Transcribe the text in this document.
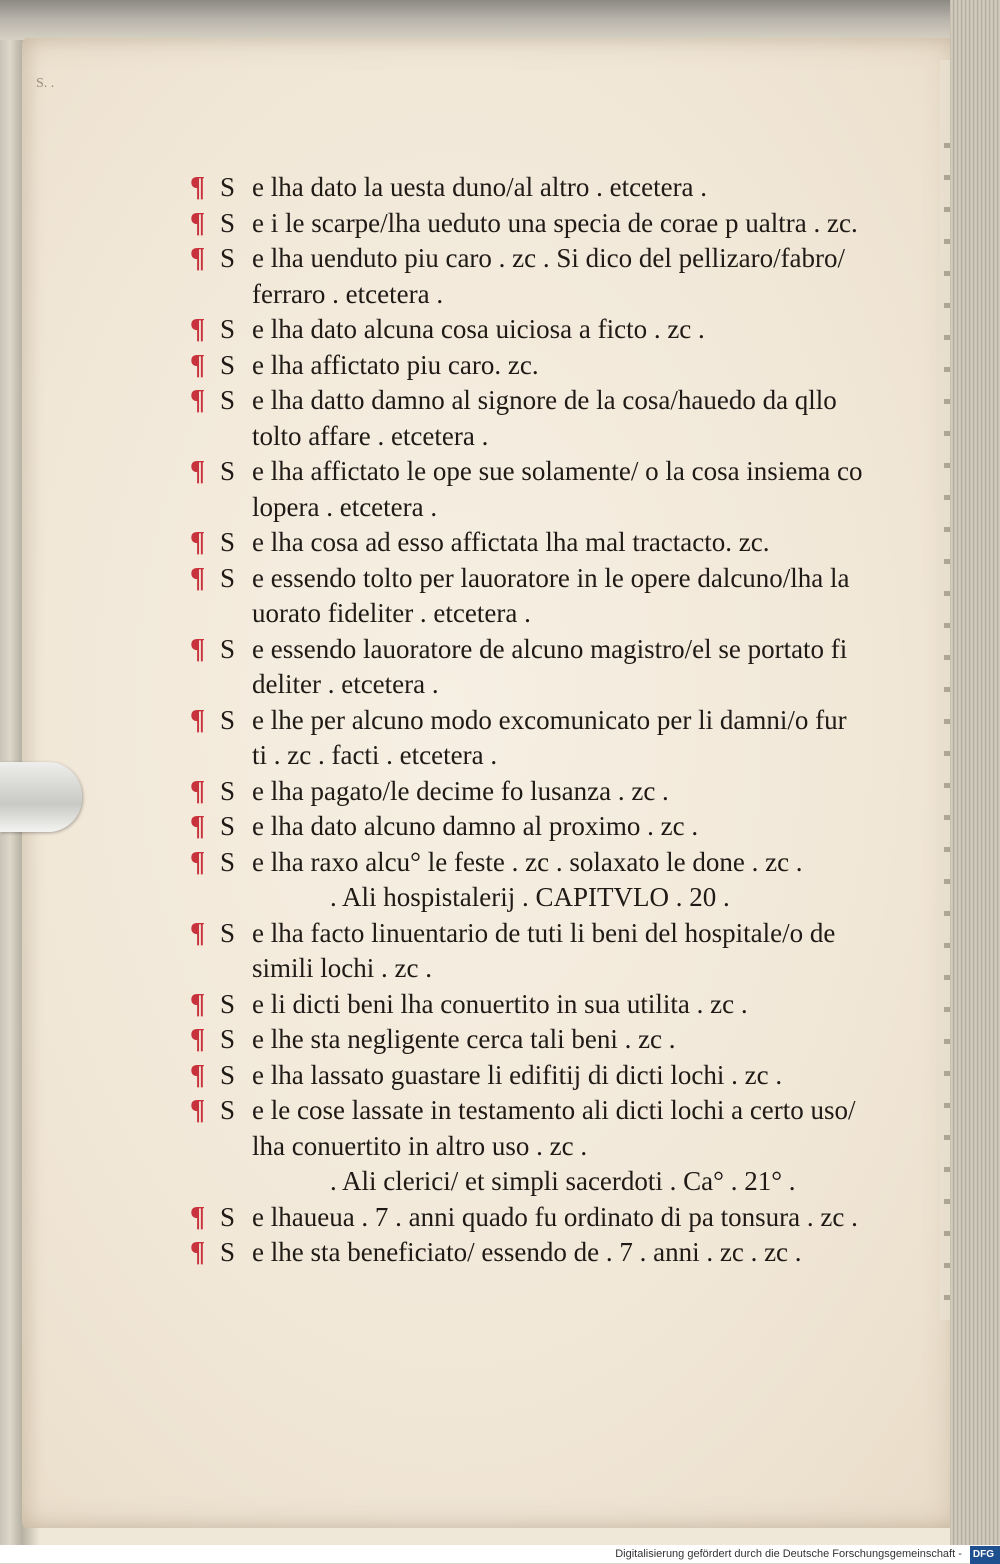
S. .
¶ S e lha dato la uesta duno/al altro . etcetera .
¶ S e i le scarpe/lha ueduto una specia de corae p ualtra . zc.
¶ S e lha uenduto piu caro . zc . Si dico del pellizaro/fabro/
ferraro . etcetera .
¶ S e lha dato alcuna cosa uiciosa a ficto . zc .
¶ S e lha affictato piu caro. zc.
¶ S e lha datto damno al signore de la cosa/hauedo da qllo
tolto affare . etcetera .
¶ S e lha affictato le ope sue solamente/ o la cosa insiema co
lopera . etcetera .
¶ S e lha cosa ad esso affictata lha mal tractacto. zc.
¶ S e essendo tolto per lauoratore in le opere dalcuno/lha la
uorato fideliter . etcetera .
¶ S e essendo lauoratore de alcuno magistro/el se portato fi
deliter . etcetera .
¶ S e lhe per alcuno modo excomunicato per li damni/o fur
ti . zc . facti . etcetera .
¶ S e lha pagato/le decime fo lusanza . zc .
¶ S e lha dato alcuno damno al proximo . zc .
¶ S e lha raxo alcu° le feste . zc . solaxato le done . zc .
. Ali hospistalerij . CAPITVLO . 20 .
¶ S e lha facto linuentario de tuti li beni del hospitale/o de
simili lochi . zc .
¶ S e li dicti beni lha conuertito in sua utilita . zc .
¶ S e lhe sta negligente cerca tali beni . zc .
¶ S e lha lassato guastare li edifitij di dicti lochi . zc .
¶ S e le cose lassate in testamento ali dicti lochi a certo uso/
lha conuertito in altro uso . zc .
. Ali clerici/ et simpli sacerdoti . Ca° . 21° .
¶ S e lhaueua . 7 . anni quado fu ordinato di pa tonsura . zc .
¶ S e lhe sta beneficiato/ essendo de . 7 . anni . zc . zc .
Digitalisierung gefördert durch die Deutsche Forschungsgemeinschaft - DFG
